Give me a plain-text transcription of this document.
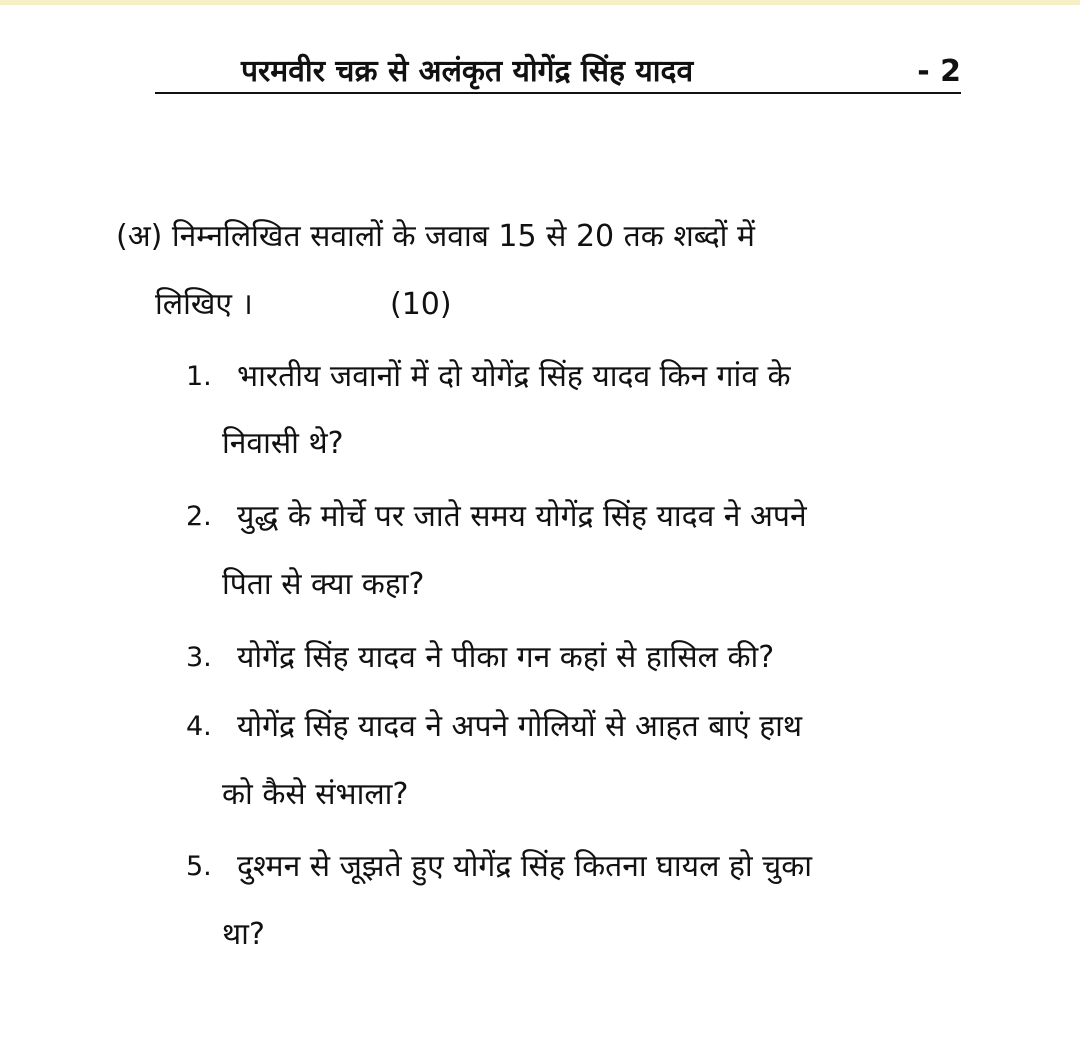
परमवीर चक्र से अलंकृत योगेंद्र सिंह यादव	- 2
(अ) निम्नलिखित सवालों के जवाब 15 से 20 तक शब्दों में
लिखिए ।	(10)
1. भारतीय जवानों में दो योगेंद्र सिंह यादव किन गांव के
निवासी थे?
2. युद्ध के मोर्चे पर जाते समय योगेंद्र सिंह यादव ने अपने
पिता से क्या कहा?
3. योगेंद्र सिंह यादव ने पीका गन कहां से हासिल की?
4. योगेंद्र सिंह यादव ने अपने गोलियों से आहत बाएं हाथ
को कैसे संभाला?
5. दुश्मन से जूझते हुए योगेंद्र सिंह कितना घायल हो चुका
था?
